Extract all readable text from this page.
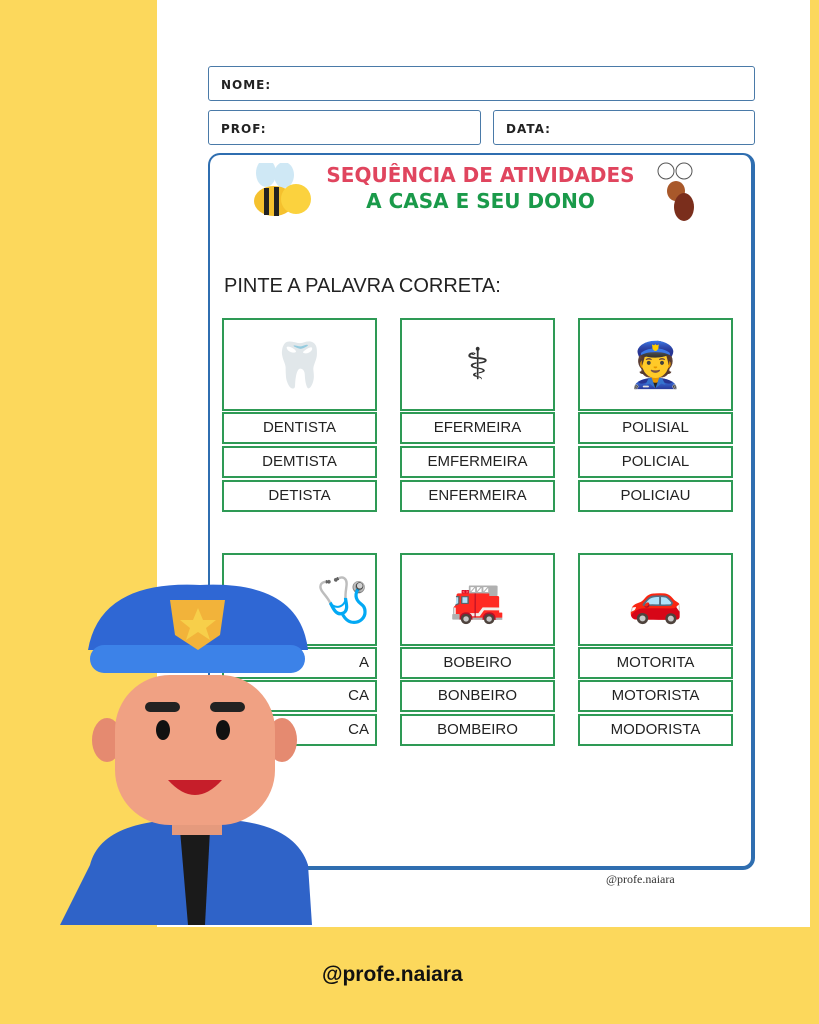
NOME:
PROF:	DATA:
SEQUÊNCIA DE ATIVIDADES
A CASA E SEU DONO
PINTE A PALAVRA CORRETA:
🦷
DENTISTA
DEMTISTA
DETISTA
⚕
EFERMEIRA
EMFERMEIRA
ENFERMEIRA
👮
POLISIAL
POLICIAL
POLICIAU
🩺
A
CA
CA
🚒
BOBEIRO
BONBEIRO
BOMBEIRO
🚗
MOTORITA
MOTORISTA
MODORISTA
@profe.naiara
@profe.naiara
